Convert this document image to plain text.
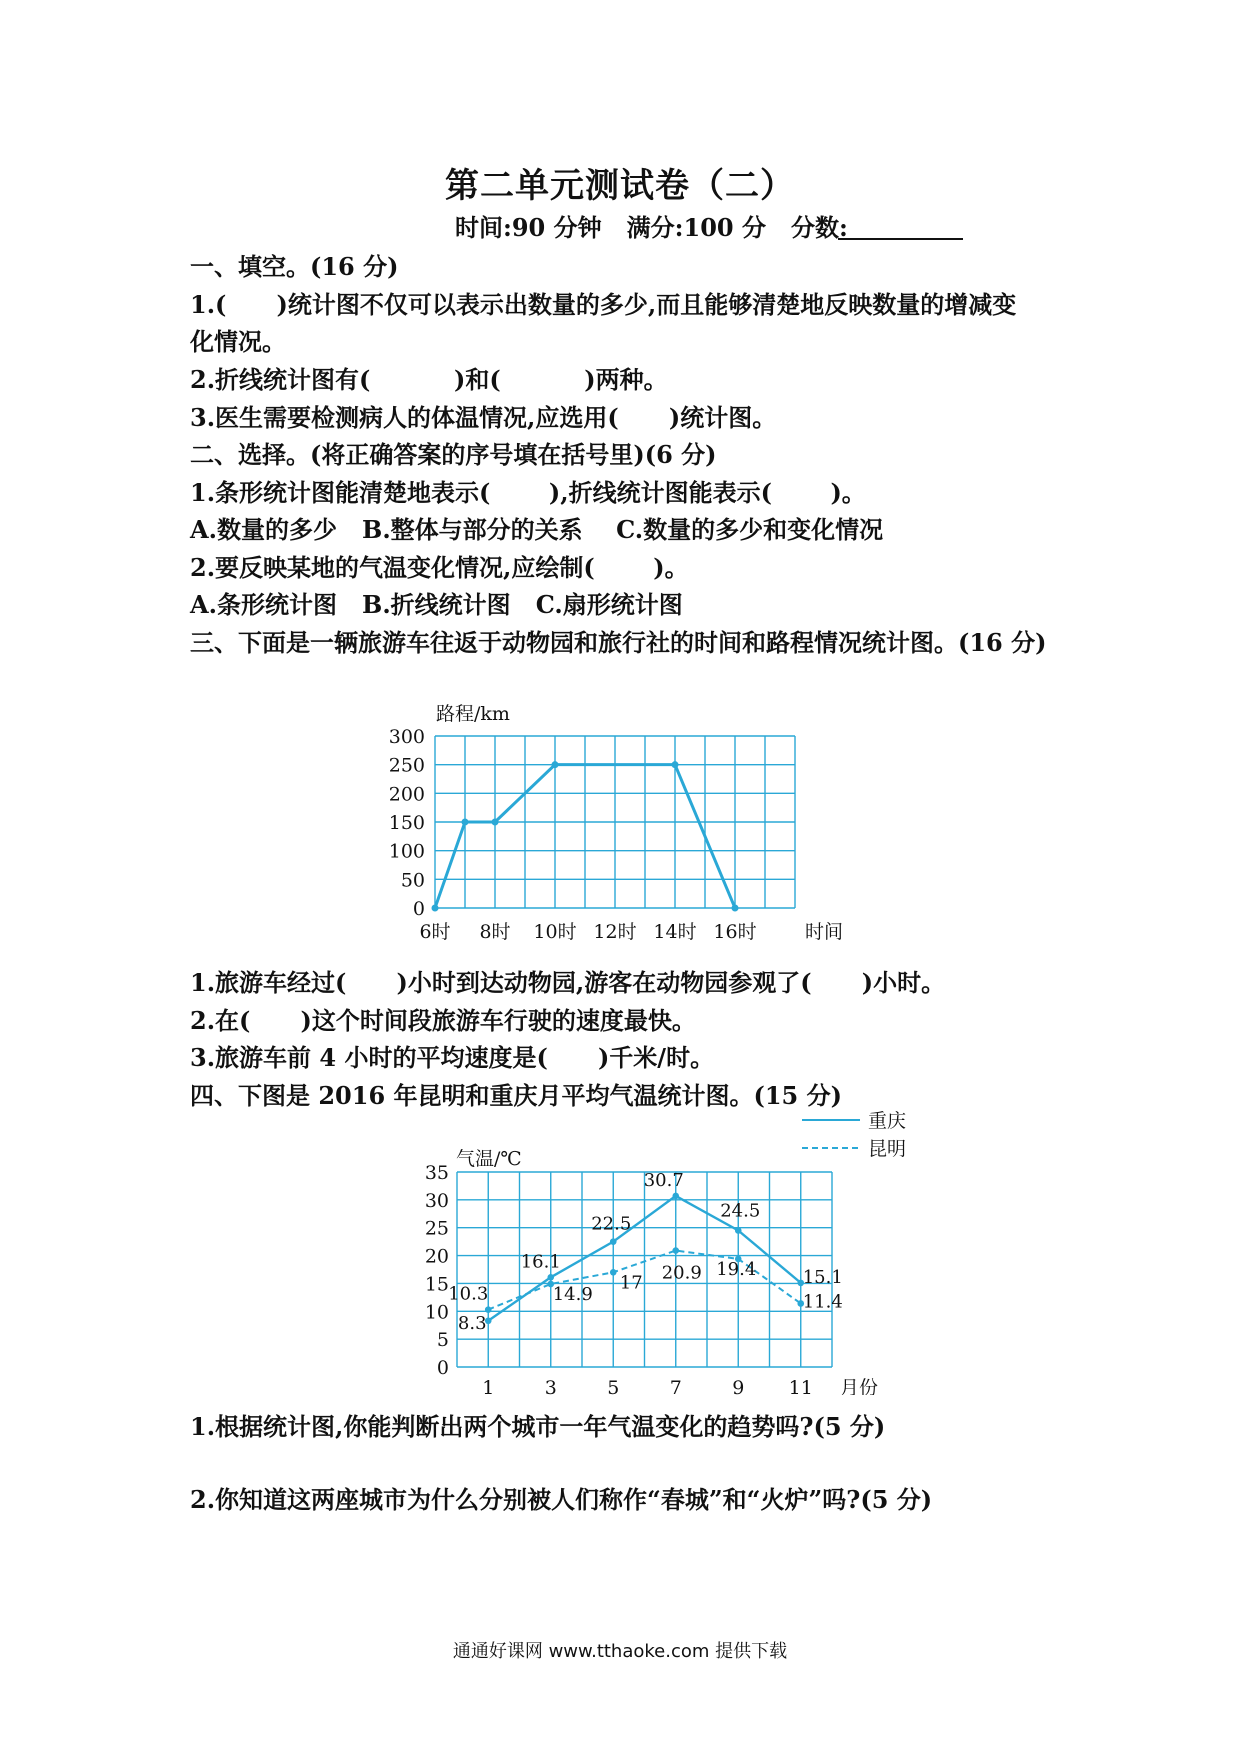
第二单元测试卷（二）
时间:90 分钟   满分:100 分   分数:
一、填空。(16 分)
1.(      )统计图不仅可以表示出数量的多少,而且能够清楚地反映数量的增减变
化情况。
2.折线统计图有(          )和(          )两种。
3.医生需要检测病人的体温情况,应选用(      )统计图。
二、选择。(将正确答案的序号填在括号里)(6 分)
1.条形统计图能清楚地表示(       ),折线统计图能表示(       )。
A.数量的多少   B.整体与部分的关系    C.数量的多少和变化情况
2.要反映某地的气温变化情况,应绘制(       )。
A.条形统计图   B.折线统计图   C.扇形统计图
三、下面是一辆旅游车往返于动物园和旅行社的时间和路程情况统计图。(16 分)
0
50
100
150
200
250
300
6时 8时 10时 12时 14时 16时	时间
路程/km
1.旅游车经过(      )小时到达动物园,游客在动物园参观了(      )小时。
2.在(      )这个时间段旅游车行驶的速度最快。
3.旅游车前 4 小时的平均速度是(      )千米/时。
四、下图是 2016 年昆明和重庆月平均气温统计图。(15 分)
0
5
10
15
20
25
30
35
1	3	5	7	9 11 月份
气温/℃
重庆
昆明
8.3
16.1
22.5
30.7
24.5
15.1
10.3	14.9
17 20.9 19.4
11.4
1.根据统计图,你能判断出两个城市一年气温变化的趋势吗?(5 分)
2.你知道这两座城市为什么分别被人们称作“春城”和“火炉”吗?(5 分)
通通好课网 www.tthaoke.com 提供下载
